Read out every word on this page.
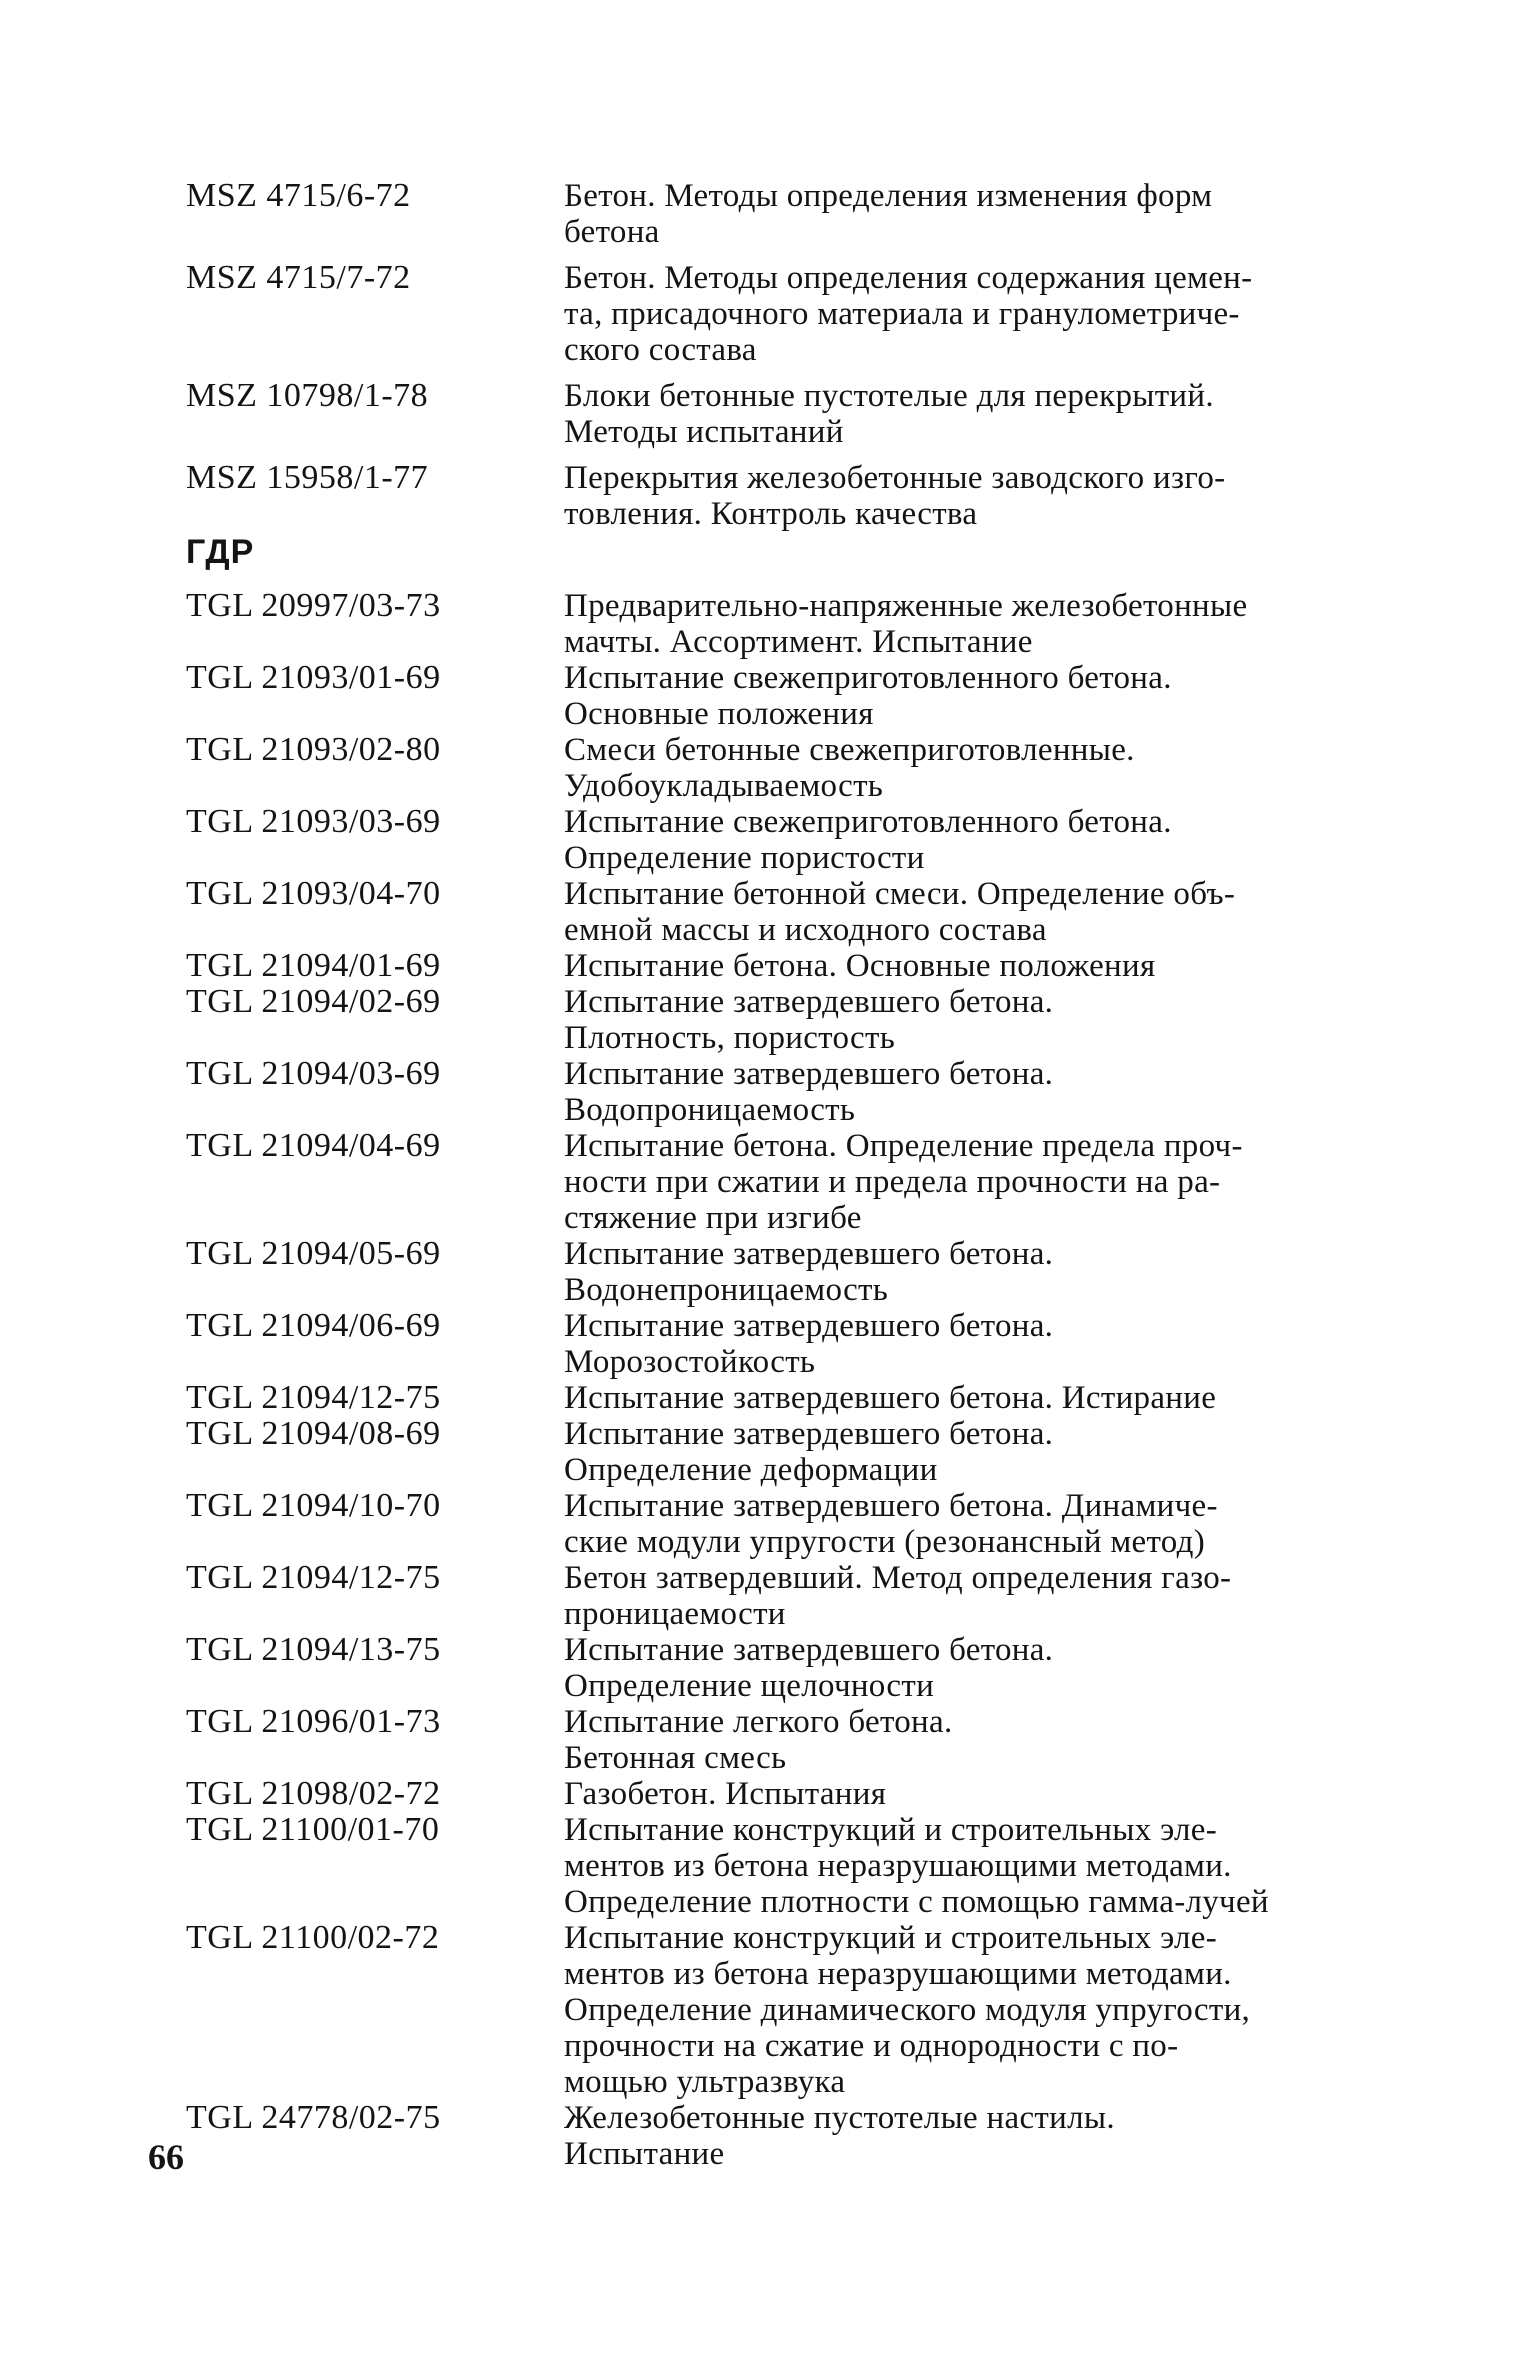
MSZ 4715/6-72	Бетон. Методы определения изменения форм
бетона
MSZ 4715/7-72	Бетон. Методы определения содержания цемен-
та, присадочного материала и гранулометриче-
ского состава
MSZ 10798/1-78	Блоки бетонные пустотелые для перекрытий.
Методы испытаний
MSZ 15958/1-77	Перекрытия железобетонные заводского изго-
товления. Контроль качества
ГДР
TGL 20997/03-73	Предварительно-напряженные железобетонные
мачты. Ассортимент. Испытание
TGL 21093/01-69	Испытание свежеприготовленного бетона.
Основные положения
TGL 21093/02-80	Смеси бетонные свежеприготовленные.
Удобоукладываемость
TGL 21093/03-69	Испытание свежеприготовленного бетона.
Определение пористости
TGL 21093/04-70	Испытание бетонной смеси. Определение объ-
емной массы и исходного состава
TGL 21094/01-69	Испытание бетона. Основные положения
TGL 21094/02-69	Испытание затвердевшего бетона.
Плотность, пористость
TGL 21094/03-69	Испытание затвердевшего бетона.
Водопроницаемость
TGL 21094/04-69	Испытание бетона. Определение предела проч-
ности при сжатии и предела прочности на ра-
стяжение при изгибе
TGL 21094/05-69	Испытание затвердевшего бетона.
Водонепроницаемость
TGL 21094/06-69	Испытание затвердевшего бетона.
Морозостойкость
TGL 21094/12-75	Испытание затвердевшего бетона. Истирание
TGL 21094/08-69	Испытание затвердевшего бетона.
Определение деформации
TGL 21094/10-70	Испытание затвердевшего бетона. Динамиче-
ские модули упругости (резонансный метод)
TGL 21094/12-75	Бетон затвердевший. Метод определения газо-
проницаемости
TGL 21094/13-75	Испытание затвердевшего бетона.
Определение щелочности
TGL 21096/01-73	Испытание легкого бетона.
Бетонная смесь
TGL 21098/02-72	Газобетон. Испытания
TGL 21100/01-70	Испытание конструкций и строительных эле-
ментов из бетона неразрушающими методами.
Определение плотности с помощью гамма-лучей
TGL 21100/02-72	Испытание конструкций и строительных эле-
ментов из бетона неразрушающими методами.
Определение динамического модуля упругости,
прочности на сжатие и однородности с по-
мощью ультразвука
TGL 24778/02-75	Железобетонные пустотелые настилы.
Испытание
66
